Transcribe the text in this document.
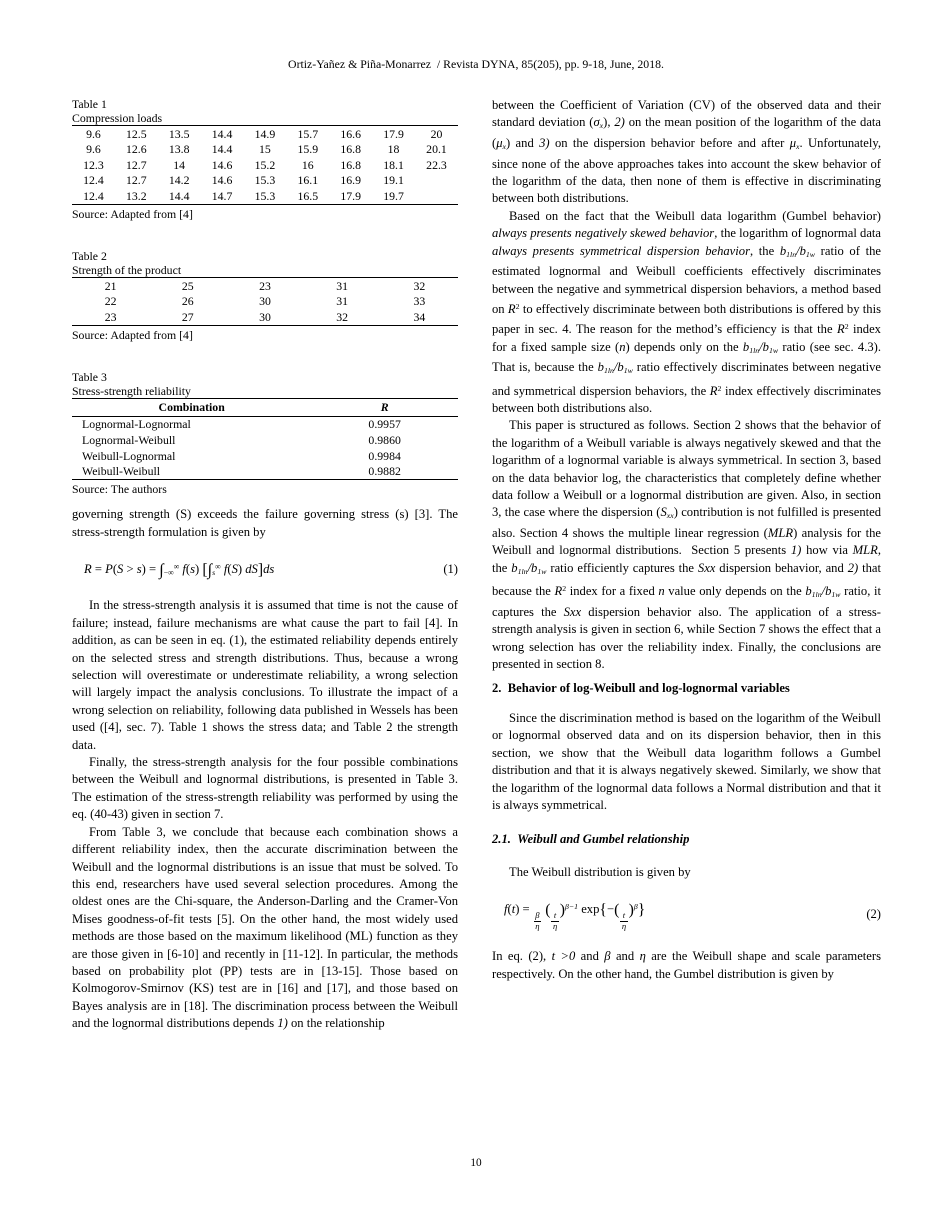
Ortiz-Yañez & Piña-Monarrez  / Revista DYNA, 85(205), pp. 9-18, June, 2018.
Table 1
Compression loads
9.6	12.5	13.5	14.4	14.9	15.7	16.6	17.9	20
9.6	12.6	13.8	14.4	15	15.9	16.8	18	20.1
12.3	12.7	14	14.6	15.2	16	16.8	18.1	22.3
12.4	12.7	14.2	14.6	15.3	16.1	16.9	19.1	
12.4	13.2	14.4	14.7	15.3	16.5	17.9	19.7	
Source: Adapted from [4]
Table 2
Strength of the product
21	25	23	31	32
22	26	30	31	33
23	27	30	32	34
Source: Adapted from [4]
Table 3
Stress-strength reliability
Combination	R
Lognormal-Lognormal	0.9957
Lognormal-Weibull	0.9860
Weibull-Lognormal	0.9984
Weibull-Weibull	0.9882
Source: The authors

governing strength (S) exceeds the failure governing stress (s) [3]. The stress-strength formulation is given by

$R = P(S > s) = \int_{-\infty}^\infty$ f(s) [$\int_s^\infty$ f(S) dS]ds	(1)

In the stress-strength analysis it is assumed that time is not the cause of failure; instead, failure mechanisms are what cause the part to fail [4]. In addition, as can be seen in eq. (1), the estimated reliability depends entirely on the selected stress and strength distributions. Thus, because a wrong selection will overestimate or underestimate reliability, a wrong selection will largely impact the analysis conclusions. To illustrate the impact of a wrong selection on reliability, following data published in Wessels has been used ([4], sec. 7). Table 1 shows the stress data; and Table 2 the strength data.

Finally, the stress-strength analysis for the four possible combinations between the Weibull and lognormal distributions, is presented in Table 3. The estimation of the stress-strength reliability was performed by using the eq. (40-43) given in section 7.

From Table 3, we conclude that because each combination shows a different reliability index, then the accurate discrimination between the Weibull and the lognormal distributions is an issue that must be solved. To this end, researchers have used several selection procedures. Among the oldest ones are the Chi-square, the Anderson-Darling and the Cramer-Von Mises goodness-of-fit tests [5]. On the other hand, the most widely used methods are those based on the maximum likelihood (ML) function as they are those given in [6-10] and recently in [11-12]. In particular, the methods based on probability plot (PP) tests are in [13-15]. Those based on Kolmogorov-Smirnov (KS) test are in [16] and [17], and those based on Bayes analysis are in [18]. The discrimination process between the Weibull and the lognormal distributions depends 1) on the relationship

between the Coefficient of Variation (CV) of the observed data and their standard deviation $(\sigma_x)$, 2) on the mean position of the logarithm of the data $(\mu_x)$ and 3) on the dispersion behavior before and after $\mu_x$. Unfortunately, since none of the above approaches takes into account the skew behavior of the logarithm of the data, then none of them is effective in discriminating between both distributions.

Based on the fact that the Weibull data logarithm (Gumbel behavior) always presents negatively skewed behavior, the logarithm of lognormal data always presents symmetrical dispersion behavior, the $b_{1ln}/b_{1w}$ ratio of the estimated lognormal and Weibull coefficients effectively discriminates between the negative and symmetrical dispersion behaviors, a method based on $R^2$ to effectively discriminate between both distributions is offered by this paper in sec. 4. The reason for the method’s efficiency is that the $R^2$ index for a fixed sample size (n) depends only on the $b_{1ln}/b_{1w}$ ratio (see sec. 4.3). That is, because the $b_{1ln}/b_{1w}$ ratio effectively discriminates between negative and symmetrical dispersion behaviors, the $R^2$ index effectively discriminates between both distributions also.

This paper is structured as follows. Section 2 shows that the behavior of the logarithm of a Weibull variable is always negatively skewed and that the logarithm of a lognormal variable is always symmetrical. In section 3, based on the data behavior log, the characteristics that completely define whether data follow a Weibull or a lognormal distribution are given. Also, in section 3, the case where the dispersion $(S_{xx})$ contribution is not fulfilled is presented also. Section 4 shows the multiple linear regression (MLR) analysis for the Weibull and lognormal distributions.  Section 5 presents 1) how via MLR, the $b_{1ln}/b_{1w}$ ratio efficiently captures the Sxx dispersion behavior, and 2) that because the $R^2$ index for a fixed n value only depends on the $b_{1ln}/b_{1w}$ ratio, it captures the Sxx dispersion behavior also. The application of a stress-strength analysis is given in section 6, while Section 7 shows the effect that a wrong selection has over the reliability index. Finally, the conclusions are presented in section 8.

2.  Behavior of log-Weibull and log-lognormal variables

Since the discrimination method is based on the logarithm of the Weibull or lognormal observed data and on its dispersion behavior, then in this section, we show that the Weibull data logarithm follows a Gumbel distribution and that it is always negatively skewed. Similarly, we show that the logarithm of the lognormal data follows a Normal distribution and that it is always symmetrical.

2.1.  Weibull and Gumbel relationship

The Weibull distribution is given by

f(t) =
$\frac{\beta}{\eta}$
(
$\frac{t}{\eta}$
)$^{\beta-1}$ exp{−(
$\frac{t}{\eta}$
)$^\beta$}	(2)

In eq. (2), t >0 and β and η are the Weibull shape and scale parameters respectively. On the other hand, the Gumbel distribution is given by

10
